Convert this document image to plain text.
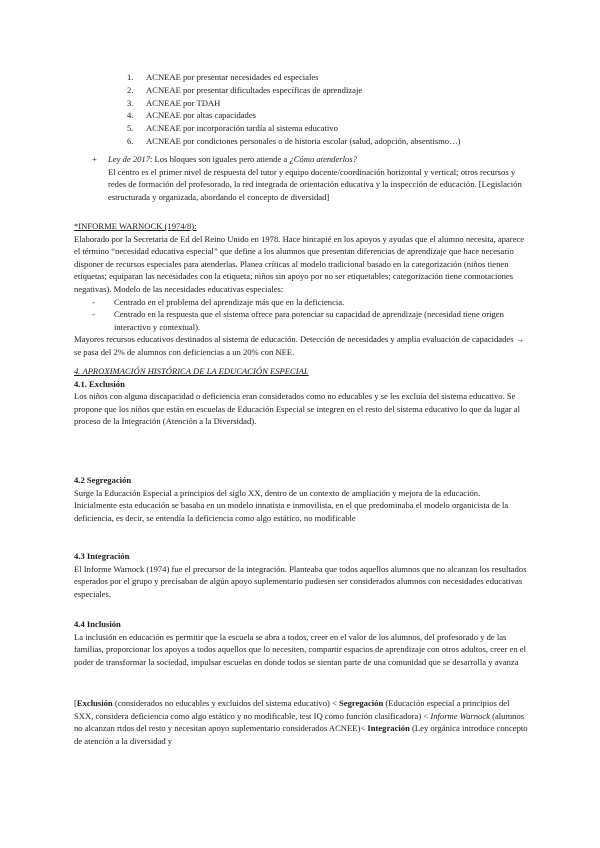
1. ACNEAE por presentar necesidades ed especiales
2. ACNEAE por presentar dificultades específicas de aprendizaje
3. ACNEAE por TDAH
4. ACNEAE por altas capacidades
5. ACNEAE por incorporación tardía al sistema educativo
6. ACNEAE por condiciones personales o de historia escolar (salud, adopción, absentismo…)
+	Ley de 2017: Los bloques son iguales pero atiende a ¿Cómo atenderlos?
El centro es el primer nivel de respuesta del tutor y equipo docente/coordinación horizontal y vertical; otros recursos y redes de formación del profesorado, la red integrada de orientación educativa y la inspección de educación. [Legislación estructurada y organizada, abordando el concepto de diversidad]
*INFORME WARNOCK (1974/8):

Elaborado por la Secretaria de Ed del Reino Unido en 1978. Hace hincapié en los apoyos y ayudas que el alumno necesita, aparece el término “necesidad educativa especial” que define a los alumnos que presentan diferencias de aprendizaje que hace necesario disponer de recursos especiales para atenderlas. Planea críticas al modelo tradicional basado en la categorización (niños tienen etiquetas; equiparan las necesidades con la etiqueta; niños sin apoyo por no ser etiquetables; categorización tiene connotaciones negativas). Modelo de las necesidades educativas especiales:

- Centrado en el problema del aprendizaje más que en la deficiencia.
- Centrado en la respuesta que el sistema ofrece para potenciar su capacidad de aprendizaje (necesidad tiene origen interactivo y contextual).

Mayores recursos educativos destinados al sistema de educación. Detección de necesidades y amplia evaluación de capacidades → se pasa del 2% de alumnos con deficiencias a un 20% con NEE.

4. APROXIMACIÓN HISTÓRICA DE LA EDUCACIÓN ESPECIAL
4.1. Exclusión

Los niños con alguna discapacidad o deficiencia eran considerados como no educables y se les excluía del sistema educativo. Se propone que los niños que están en escuelas de Educación Especial se integren en el resto del sistema educativo lo que da lugar al proceso de la Integración (Atención a la Diversidad).

4.2 Segregación

Surge la Educación Especial a principios del siglo XX, dentro de un contexto de ampliación y mejora de la educación.

Inicialmente esta educación se basaba en un modelo innatista e inmovilista, en el que predominaba el modelo organicista de la deficiencia, es decir, se entendía la deficiencia como algo estático, no modificable

4.3 Integración

El Informe Warnock (1974) fue el precursor de la integración. Planteaba que todos aquellos alumnos que no alcanzan los resultados esperados por el grupo y precisaban de algún apoyo suplementario pudiesen ser considerados alumnos con necesidades educativas especiales.

4.4 Inclusión

La inclusión en educación es permitir que la escuela se abra a todos, creer en el valor de los alumnos, del profesorado y de las familias, proporcionar los apoyos a todos aquellos que lo necesiten, compartir espacios de aprendizaje con otros adultos, creer en el poder de transformar la sociedad, impulsar escuelas en donde todos se sientan parte de una comunidad que se desarrolla y avanza

[Exclusión (considerados no educables y excluidos del sistema educativo) < Segregación (Educación especial a principios del SXX, considera deficiencia como algo estático y no modificable, test IQ como función clasificadora) < Informe Warnock (alumnos no alcanzan rtdos del resto y necesitan apoyo suplementario considerados ACNEE)< Integración (Ley orgánica introduce concepto de atención a la diversidad y
